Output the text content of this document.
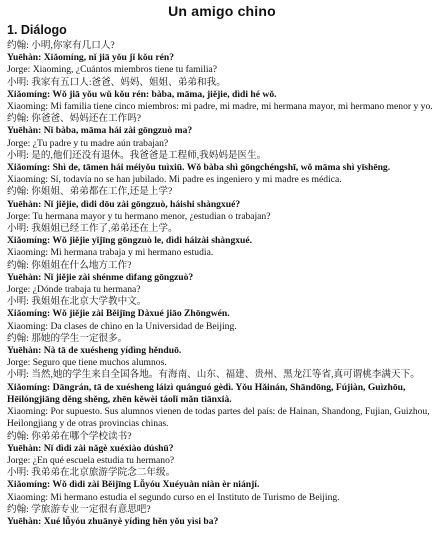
Un amigo chino
1. Diálogo

约翰: 小明,你家有几口人?

Yuēhàn: Xiǎomíng, nǐ jiā yǒu jǐ kǒu rén?

Jorge: Xiaoming, ¿Cuántos miembros tiene tu familia?

小明: 我家有五口人:爸爸、妈妈、姐姐、弟弟和我。

Xiǎomíng: Wǒ jiā yǒu wǔ kǒu rén: bàba, māma, jiějie, dìdi hé wǒ.

Xiaoming: Mi familia tiene cinco miembros: mi padre, mi madre, mi hermana mayor, mi hermano menor y yo.

约翰: 你爸爸、妈妈还在工作吗?

Yuēhàn: Nǐ bàba, māma hái zài gōngzuò ma?

Jorge: ¿Tu padre y tu madre aún trabajan?

小明: 是的,他们还没有退休。我爸爸是工程师,我妈妈是医生。

Xiǎomíng: Shì de, tāmen hái méiyǒu tuìxiū. Wǒ bàba shì gōngchéngshī, wǒ māma shì yīshēng.

Xiaoming: Sí, todavía no se han jubilado. Mi padre es ingeniero y mi madre es médica.

约翰: 你姐姐、弟弟都在工作,还是上学?

Yuēhàn: Nǐ jiějie, dìdi dōu zài gōngzuò, háishi shàngxué?

Jorge: Tu hermana mayor y tu hermano menor, ¿estudian o trabajan?

小明: 我姐姐已经工作了,弟弟还在上学。

Xiǎomíng: Wǒ jiějie yǐjīng gōngzuò le, dìdi háizài shàngxué.

Xiaoming: Mi hermana trabaja y mi hermano estudia.

约翰: 你姐姐在什么地方工作?

Yuēhàn: Nǐ jiějie zài shénme dìfang gōngzuò?

Jorge: ¿Dónde trabaja tu hermana?

小明: 我姐姐在北京大学教中文。

Xiǎomíng: Wǒ jiějie zài Běijīng Dàxué jiāo Zhōngwén.

Xiaoming: Da clases de chino en la Universidad de Beijing.

约翰: 那她的学生一定很多。

Yuēhàn: Nà tā de xuésheng yídìng hěnduō.

Jorge: Seguro que tiene muchos alumnos.

小明: 当然,她的学生来自全国各地。有海南、山东、福建、贵州、黑龙江等省,真可谓桃李满天下。

Xiǎomíng: Dāngrán, tā de xuésheng láizì quánguó gèdì. Yǒu Hǎinán, Shāndōng, Fújiàn, Guìzhōu, Hēilóngjiāng děng shěng, zhēn kěwèi táolǐ mǎn tiānxià.

Xiaoming: Por supuesto. Sus alumnos vienen de todas partes del país: de Hainan, Shandong, Fujian, Guizhou, Heilongjiang y de otras provincias chinas.

约翰: 你弟弟在哪个学校读书?

Yuēhàn: Nǐ dìdi zài nǎgè xuéxiào dúshū?

Jorge: ¿En qué escuela estudia tu hermano?

小明: 我弟弟在北京旅游学院念二年级。

Xiǎomíng: Wǒ dìdi zài Běijīng Lǚyóu Xuéyuàn niàn èr niánjí.

Xiaoming: Mi hermano estudia el segundo curso en el Instituto de Turismo de Beijing.

约翰: 学旅游专业一定很有意思吧?

Yuēhàn: Xué lǚyóu zhuānyè yídìng hěn yǒu yìsi ba?
